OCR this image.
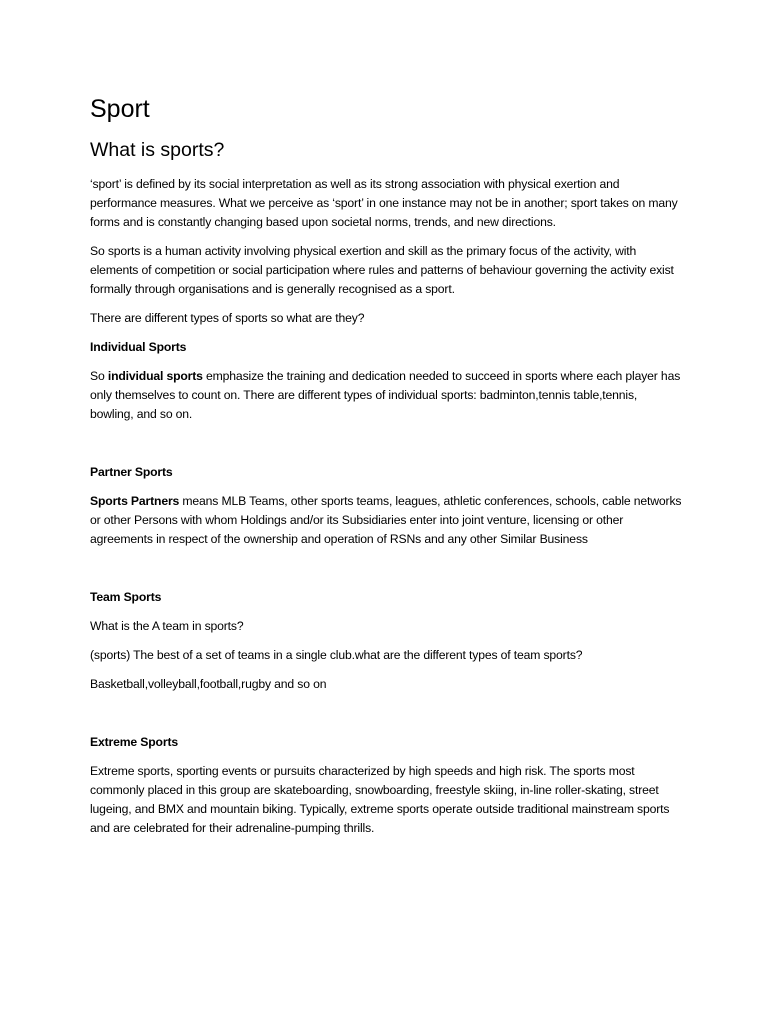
Sport
What is sports?

‘sport’ is defined by its social interpretation as well as its strong association with physical exertion and performance measures. What we perceive as ‘sport’ in one instance may not be in another; sport takes on many forms and is constantly changing based upon societal norms, trends, and new directions.

So sports is a human activity involving physical exertion and skill as the primary focus of the activity, with elements of competition or social participation where rules and patterns of behaviour governing the activity exist formally through organisations and is generally recognised as a sport.

There are different types of sports so what are they?

Individual Sports

So individual sports emphasize the training and dedication needed to succeed in sports where each player has only themselves to count on. There are different types of individual sports: badminton,tennis table,tennis, bowling, and so on.

Partner Sports

Sports Partners means MLB Teams, other sports teams, leagues, athletic conferences, schools, cable networks or other Persons with whom Holdings and/or its Subsidiaries enter into joint venture, licensing or other agreements in respect of the ownership and operation of RSNs and any other Similar Business

Team Sports

What is the A team in sports?

(sports) The best of a set of teams in a single club.what are the different types of team sports?

Basketball,volleyball,football,rugby and so on

Extreme Sports

Extreme sports, sporting events or pursuits characterized by high speeds and high risk. The sports most commonly placed in this group are skateboarding, snowboarding, freestyle skiing, in-line roller-skating, street lugeing, and BMX and mountain biking. Typically, extreme sports operate outside traditional mainstream sports and are celebrated for their adrenaline-pumping thrills.
